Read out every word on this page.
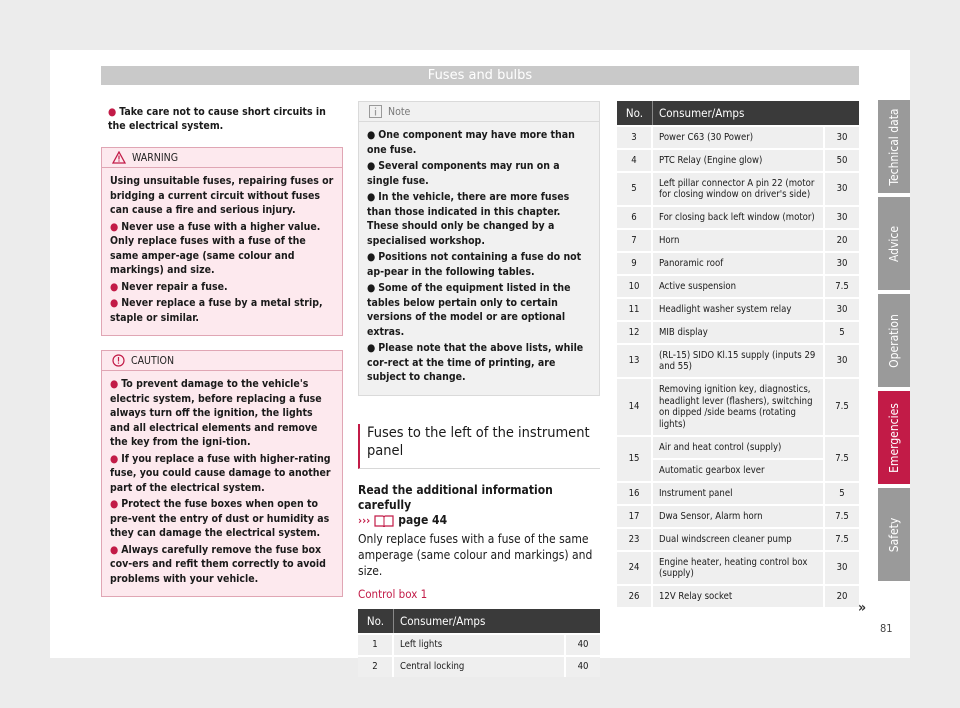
Fuses and bulbs
● Take care not to cause short circuits in the electrical system.
WARNING

Using unsuitable fuses, repairing fuses or bridging a current circuit without fuses can cause a fire and serious injury.

● Never use a fuse with a higher value. Only replace fuses with a fuse of the same amper-age (same colour and markings) and size.

● Never repair a fuse.

● Never replace a fuse by a metal strip, staple or similar.

CAUTION

● To prevent damage to the vehicle's electric system, before replacing a fuse always turn off the ignition, the lights and all electrical elements and remove the key from the igni-tion.

● If you replace a fuse with higher-rating fuse, you could cause damage to another part of the electrical system.

● Protect the fuse boxes when open to pre-vent the entry of dust or humidity as they can damage the electrical system.

● Always carefully remove the fuse box cov-ers and refit them correctly to avoid problems with your vehicle.

Note

● One component may have more than one fuse.

● Several components may run on a single fuse.

● In the vehicle, there are more fuses than those indicated in this chapter. These should only be changed by a specialised workshop.

● Positions not containing a fuse do not ap-pear in the following tables.

● Some of the equipment listed in the tables below pertain only to certain versions of the model or are optional extras.

● Please note that the above lists, while cor-rect at the time of printing, are subject to change.

Fuses to the left of the instrument panel
Read the additional information carefully
››› page 44
Only replace fuses with a fuse of the same amperage (same colour and markings) and size.
Control box 1
No.	Consumer/Amps	
1	Left lights	40
2	Central locking	40
No.	Consumer/Amps	
3	Power C63 (30 Power)	30
4	PTC Relay (Engine glow)	50
5	Left pillar connector A pin 22 (motor for closing window on driver's side)	30
6	For closing back left window (motor)	30
7	Horn	20
9	Panoramic roof	30
10	Active suspension	7.5
11	Headlight washer system relay	30
12	MIB display	5
13	(RL-15) SIDO Kl.15 supply (inputs 29 and 55)	30
14	Removing ignition key, diagnostics, headlight lever (flashers), switching on dipped /side beams (rotating lights)	7.5
15	Air and heat control (supply)	7.5
	Automatic gearbox lever	
16	Instrument panel	5
17	Dwa Sensor, Alarm horn	7.5
23	Dual windscreen cleaner pump	7.5
24	Engine heater, heating control box (supply)	30
26	12V Relay socket	20
Technical data
Advice
Operation
Emergencies
Safety
»
81
